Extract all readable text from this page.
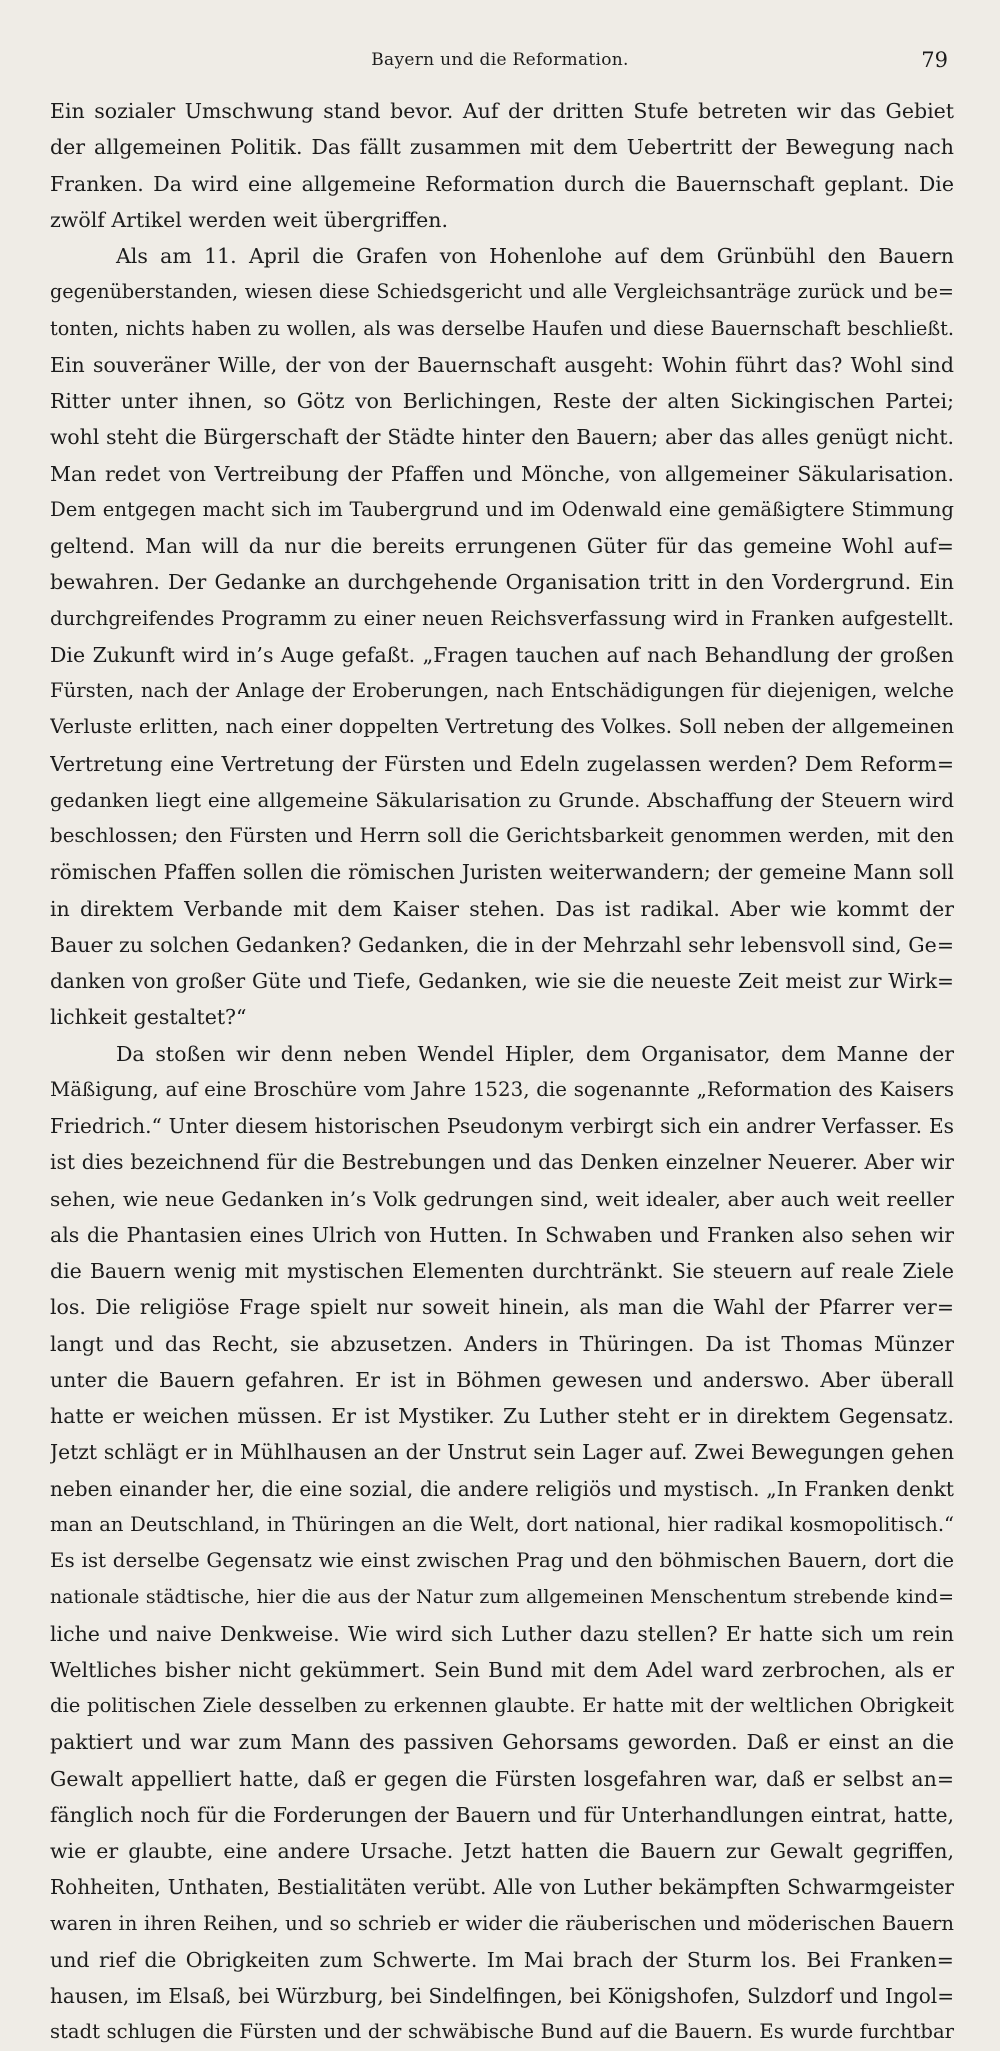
Bayern und die Reformation.	79
Ein sozialer Umschwung stand bevor. Auf der dritten Stufe betreten wir das Gebiet
der allgemeinen Politik. Das fällt zusammen mit dem Uebertritt der Bewegung nach
Franken. Da wird eine allgemeine Reformation durch die Bauernschaft geplant. Die
zwölf Artikel werden weit übergriffen.
Als am 11. April die Grafen von Hohenlohe auf dem Grünbühl den Bauern
gegenüberstanden, wiesen diese Schiedsgericht und alle Vergleichsanträge zurück und be=
tonten, nichts haben zu wollen, als was derselbe Haufen und diese Bauernschaft beschließt.
Ein souveräner Wille, der von der Bauernschaft ausgeht: Wohin führt das? Wohl sind
Ritter unter ihnen, so Götz von Berlichingen, Reste der alten Sickingischen Partei;
wohl steht die Bürgerschaft der Städte hinter den Bauern; aber das alles genügt nicht.
Man redet von Vertreibung der Pfaffen und Mönche, von allgemeiner Säkularisation.
Dem entgegen macht sich im Taubergrund und im Odenwald eine gemäßigtere Stimmung
geltend. Man will da nur die bereits errungenen Güter für das gemeine Wohl auf=
bewahren. Der Gedanke an durchgehende Organisation tritt in den Vordergrund. Ein
durchgreifendes Programm zu einer neuen Reichsverfassung wird in Franken aufgestellt.
Die Zukunft wird in’s Auge gefaßt. „Fragen tauchen auf nach Behandlung der großen
Fürsten, nach der Anlage der Eroberungen, nach Entschädigungen für diejenigen, welche
Verluste erlitten, nach einer doppelten Vertretung des Volkes. Soll neben der allgemeinen
Vertretung eine Vertretung der Fürsten und Edeln zugelassen werden? Dem Reform=
gedanken liegt eine allgemeine Säkularisation zu Grunde. Abschaffung der Steuern wird
beschlossen; den Fürsten und Herrn soll die Gerichtsbarkeit genommen werden, mit den
römischen Pfaffen sollen die römischen Juristen weiterwandern; der gemeine Mann soll
in direktem Verbande mit dem Kaiser stehen. Das ist radikal. Aber wie kommt der
Bauer zu solchen Gedanken? Gedanken, die in der Mehrzahl sehr lebensvoll sind, Ge=
danken von großer Güte und Tiefe, Gedanken, wie sie die neueste Zeit meist zur Wirk=
lichkeit gestaltet?“
Da stoßen wir denn neben Wendel Hipler, dem Organisator, dem Manne der
Mäßigung, auf eine Broschüre vom Jahre 1523, die sogenannte „Reformation des Kaisers
Friedrich.“ Unter diesem historischen Pseudonym verbirgt sich ein andrer Verfasser. Es
ist dies bezeichnend für die Bestrebungen und das Denken einzelner Neuerer. Aber wir
sehen, wie neue Gedanken in’s Volk gedrungen sind, weit idealer, aber auch weit reeller
als die Phantasien eines Ulrich von Hutten. In Schwaben und Franken also sehen wir
die Bauern wenig mit mystischen Elementen durchtränkt. Sie steuern auf reale Ziele
los. Die religiöse Frage spielt nur soweit hinein, als man die Wahl der Pfarrer ver=
langt und das Recht, sie abzusetzen. Anders in Thüringen. Da ist Thomas Münzer
unter die Bauern gefahren. Er ist in Böhmen gewesen und anderswo. Aber überall
hatte er weichen müssen. Er ist Mystiker. Zu Luther steht er in direktem Gegensatz.
Jetzt schlägt er in Mühlhausen an der Unstrut sein Lager auf. Zwei Bewegungen gehen
neben einander her, die eine sozial, die andere religiös und mystisch. „In Franken denkt
man an Deutschland, in Thüringen an die Welt, dort national, hier radikal kosmopolitisch.“
Es ist derselbe Gegensatz wie einst zwischen Prag und den böhmischen Bauern, dort die
nationale städtische, hier die aus der Natur zum allgemeinen Menschentum strebende kind=
liche und naive Denkweise. Wie wird sich Luther dazu stellen? Er hatte sich um rein
Weltliches bisher nicht gekümmert. Sein Bund mit dem Adel ward zerbrochen, als er
die politischen Ziele desselben zu erkennen glaubte. Er hatte mit der weltlichen Obrigkeit
paktiert und war zum Mann des passiven Gehorsams geworden. Daß er einst an die
Gewalt appelliert hatte, daß er gegen die Fürsten losgefahren war, daß er selbst an=
fänglich noch für die Forderungen der Bauern und für Unterhandlungen eintrat, hatte,
wie er glaubte, eine andere Ursache. Jetzt hatten die Bauern zur Gewalt gegriffen,
Rohheiten, Unthaten, Bestialitäten verübt. Alle von Luther bekämpften Schwarmgeister
waren in ihren Reihen, und so schrieb er wider die räuberischen und möderischen Bauern
und rief die Obrigkeiten zum Schwerte. Im Mai brach der Sturm los. Bei Franken=
hausen, im Elsaß, bei Würzburg, bei Sindelfingen, bei Königshofen, Sulzdorf und Ingol=
stadt schlugen die Fürsten und der schwäbische Bund auf die Bauern. Es wurde furchtbar
